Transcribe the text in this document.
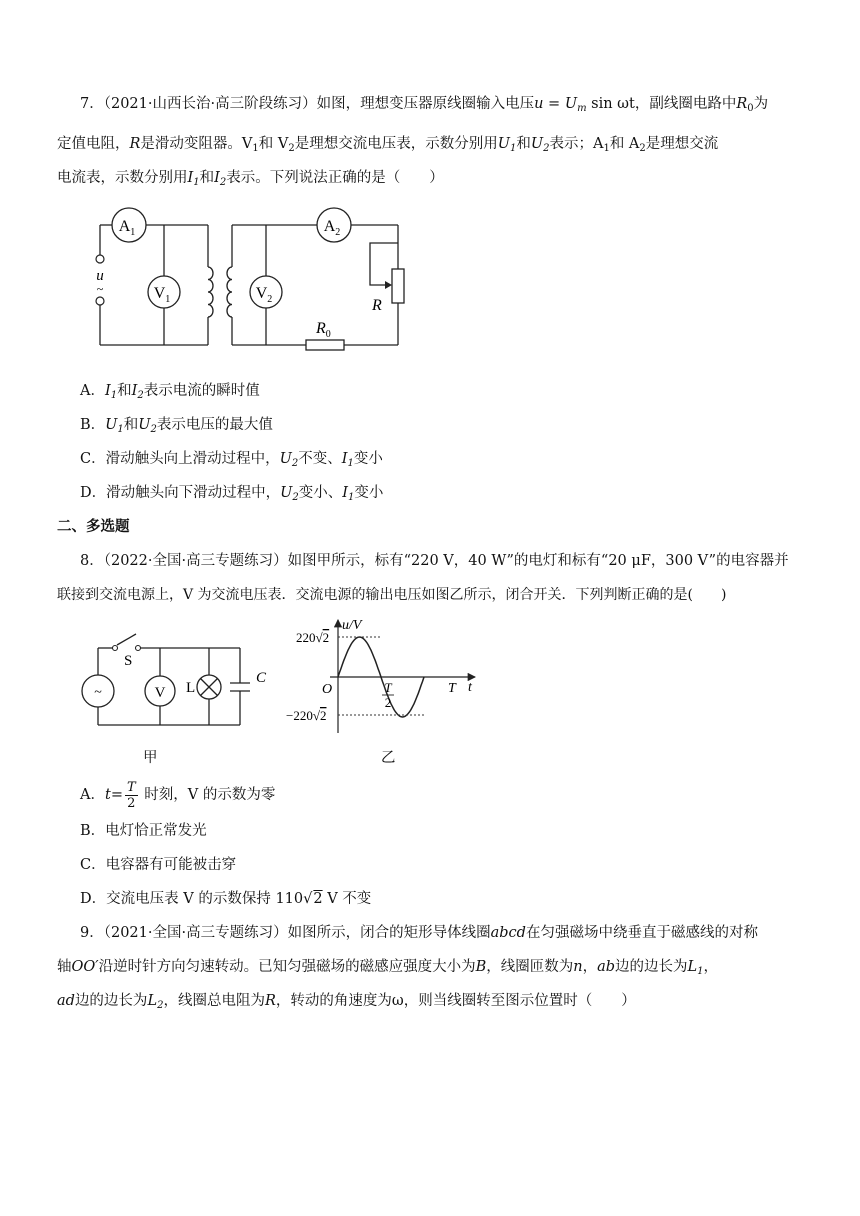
7．（2021·山西长治·高三阶段练习）如图，理想变压器原线圈输入电压$u = U_m$ sin ωt，副线圈电路中$R_0$为
定值电阻，R是滑动变阻器。$V_1$和 $V_2$是理想交流电压表，示数分别用$U_1$和$U_2$表示；$A_1$和 $A_2$是理想交流
电流表，示数分别用$I_1$和$I_2$表示。下列说法正确的是（　　）
u
~
$A_1$	$A_2$
$V_1$	$V_2$	R
$R_0$
A．$I_1$和$I_2$表示电流的瞬时值
B．$U_1$和$U_2$表示电压的最大值
C．滑动触头向上滑动过程中，$U_2$不变、$I_1$变小
D．滑动触头向下滑动过程中，$U_2$变小、$I_1$变小
二、多选题
8．（2022·全国·高三专题练习）如图甲所示，标有“220 V，40 W”的电灯和标有“20 μF，300 V”的电容器并
联接到交流电源上，V 为交流电压表．交流电源的输出电压如图乙所示，闭合开关．下列判断正确的是(　　)
S
~	V L
C
甲
u/V
220√2
−220√2
O	T
2
T t
乙
A．$t= \frac{T}{2}$ 时刻，V 的示数为零
B．电灯恰正常发光
C．电容器有可能被击穿
D．交流电压表 V 的示数保持 110√2 V 不变
9．（2021·全国·高三专题练习）如图所示，闭合的矩形导体线圈abcd在匀强磁场中绕垂直于磁感线的对称
轴OO′沿逆时针方向匀速转动。已知匀强磁场的磁感应强度大小为B，线圈匝数为n，ab边的边长为$L_1$，
ad边的边长为$L_2$，线圈总电阻为R，转动的角速度为ω，则当线圈转至图示位置时（　　）
